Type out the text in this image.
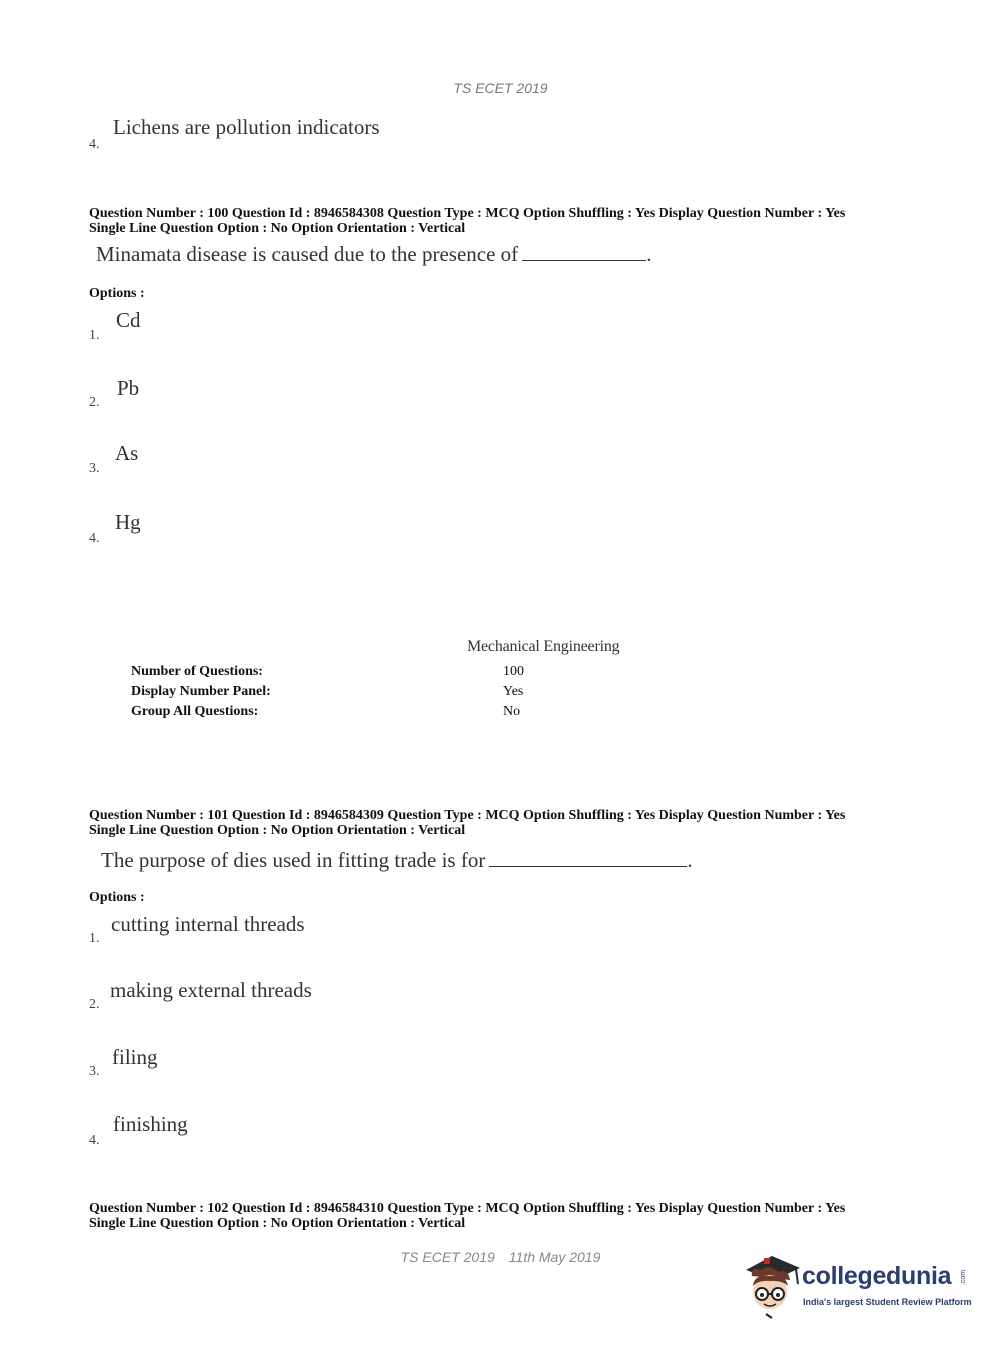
TS ECET 2019
4.
Lichens are pollution indicators
Question Number : 100 Question Id : 8946584308 Question Type : MCQ Option Shuffling : Yes Display Question Number : Yes
Single Line Question Option : No Option Orientation : Vertical
Minamata disease is caused due to the presence of	.
Options :
1.
Cd
2.
Pb
3.
As
4.
Hg
Mechanical Engineering
Number of Questions:	100
Display Number Panel:	Yes
Group All Questions:	No
Question Number : 101 Question Id : 8946584309 Question Type : MCQ Option Shuffling : Yes Display Question Number : Yes
Single Line Question Option : No Option Orientation : Vertical
The purpose of dies used in fitting trade is for	.
Options :
1.
cutting internal threads
2.
making external threads
3.
filing
4.
finishing
Question Number : 102 Question Id : 8946584310 Question Type : MCQ Option Shuffling : Yes Display Question Number : Yes
Single Line Question Option : No Option Orientation : Vertical
TS ECET 2019 11th May 2019
collegedunia .com
India's largest Student Review Platform
